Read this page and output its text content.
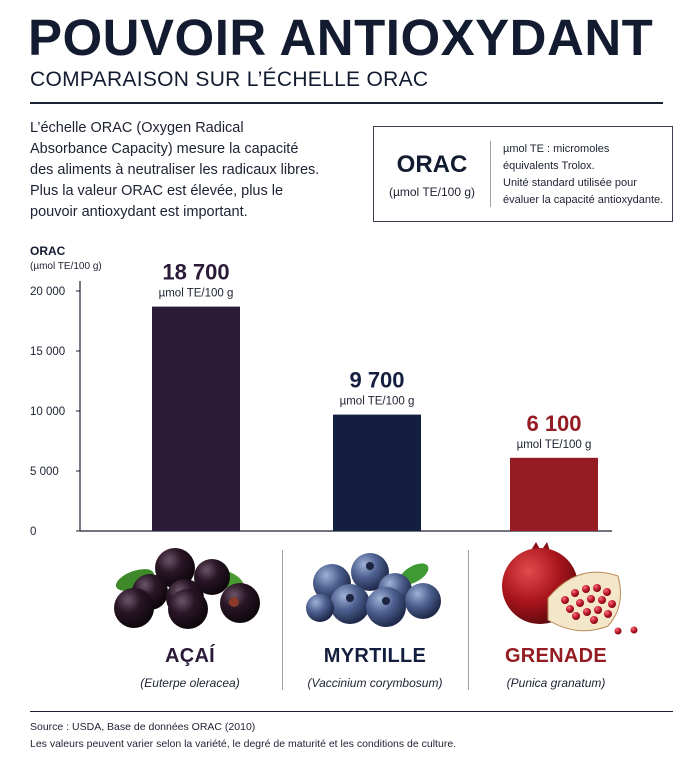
POUVOIR ANTIOXYDANT
COMPARAISON SUR L’ÉCHELLE ORAC

L’échelle ORAC (Oxygen Radical Absorbance Capacity) mesure la capacité des aliments à neutraliser les radicaux libres. Plus la valeur ORAC est élevée, plus le pouvoir antioxydant est important.

ORAC
(µmol TE/100 g)
µmol TE : micromoles
équivalents Trolox.
Unité standard utilisée pour
évaluer la capacité antioxydante.
ORAC
(µmol TE/100 g)
0
5 000
10 000
15 000
20 000
18 700
µmol TE/100 g
9 700
µmol TE/100 g
6 100
µmol TE/100 g
AÇAÍ	MYRTILLE	GRENADE
(Euterpe oleracea)	(Vaccinium corymbosum)	(Punica granatum)
Source : USDA, Base de données ORAC (2010)
Les valeurs peuvent varier selon la variété, le degré de maturité et les conditions de culture.
